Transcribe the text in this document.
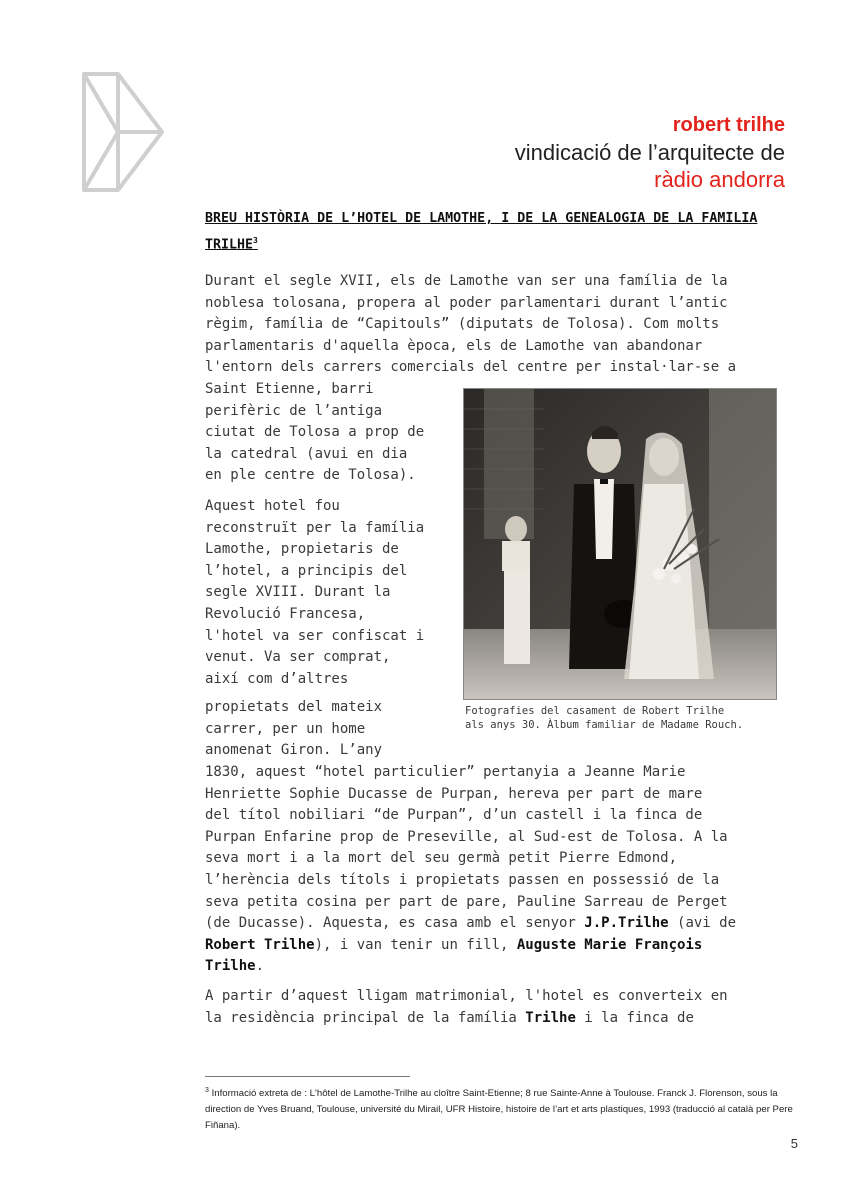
robert trilhe
vindicació de l’arquitecte de
ràdio andorra
BREU HISTÒRIA DE L’HOTEL DE LAMOTHE, I DE LA GENEALOGIA DE LA FAMILIA TRILHE$^3$
Durant el segle XVII, els de Lamothe van ser una família de la
noblesa tolosana, propera al poder parlamentari durant l’antic
règim, família de “Capitouls” (diputats de Tolosa). Com molts
parlamentaris d'aquella època, els de Lamothe van abandonar
l'entorn dels carrers comercials del centre per instal·lar-se a
Saint Etienne, barri
perifèric de l’antiga
ciutat de Tolosa a prop de
la catedral (avui en dia
en ple centre de Tolosa).
Aquest hotel fou
reconstruït per la família
Lamothe, propietaris de
l’hotel, a principis del
segle XVIII. Durant la
Revolució Francesa,
l'hotel va ser confiscat i
venut. Va ser comprat,
així com d’altres
Fotografies del casament de Robert Trilhe
als anys 30. Àlbum familiar de Madame Rouch.
propietats del mateix
carrer, per un home
anomenat Giron. L’any
1830, aquest “hotel particulier” pertanyia a Jeanne Marie
Henriette Sophie Ducasse de Purpan, hereva per part de mare
del títol nobiliari “de Purpan”, d’un castell i la finca de
Purpan Enfarine prop de Preseville, al Sud-est de Tolosa. A la
seva mort i a la mort del seu germà petit Pierre Edmond,
l’herència dels títols i propietats passen en possessió de la
seva petita cosina per part de pare, Pauline Sarreau de Perget
(de Ducasse). Aquesta, es casa amb el senyor J.P.Trilhe (avi de
Robert Trilhe), i van tenir un fill, Auguste Marie François
Trilhe.
A partir d’aquest lligam matrimonial, l'hotel es converteix en
la residència principal de la família Trilhe i la finca de
$^3$ Informació extreta de : L'hôtel de Lamothe-Trilhe au cloître Saint-Etienne; 8 rue Sainte-Anne à Toulouse. Franck J. Florenson, sous la direction de Yves Bruand, Toulouse, université du Mirail, UFR Histoire, histoire de l’art et arts plastiques, 1993 (traducció al català per Pere Fiñana).
5
